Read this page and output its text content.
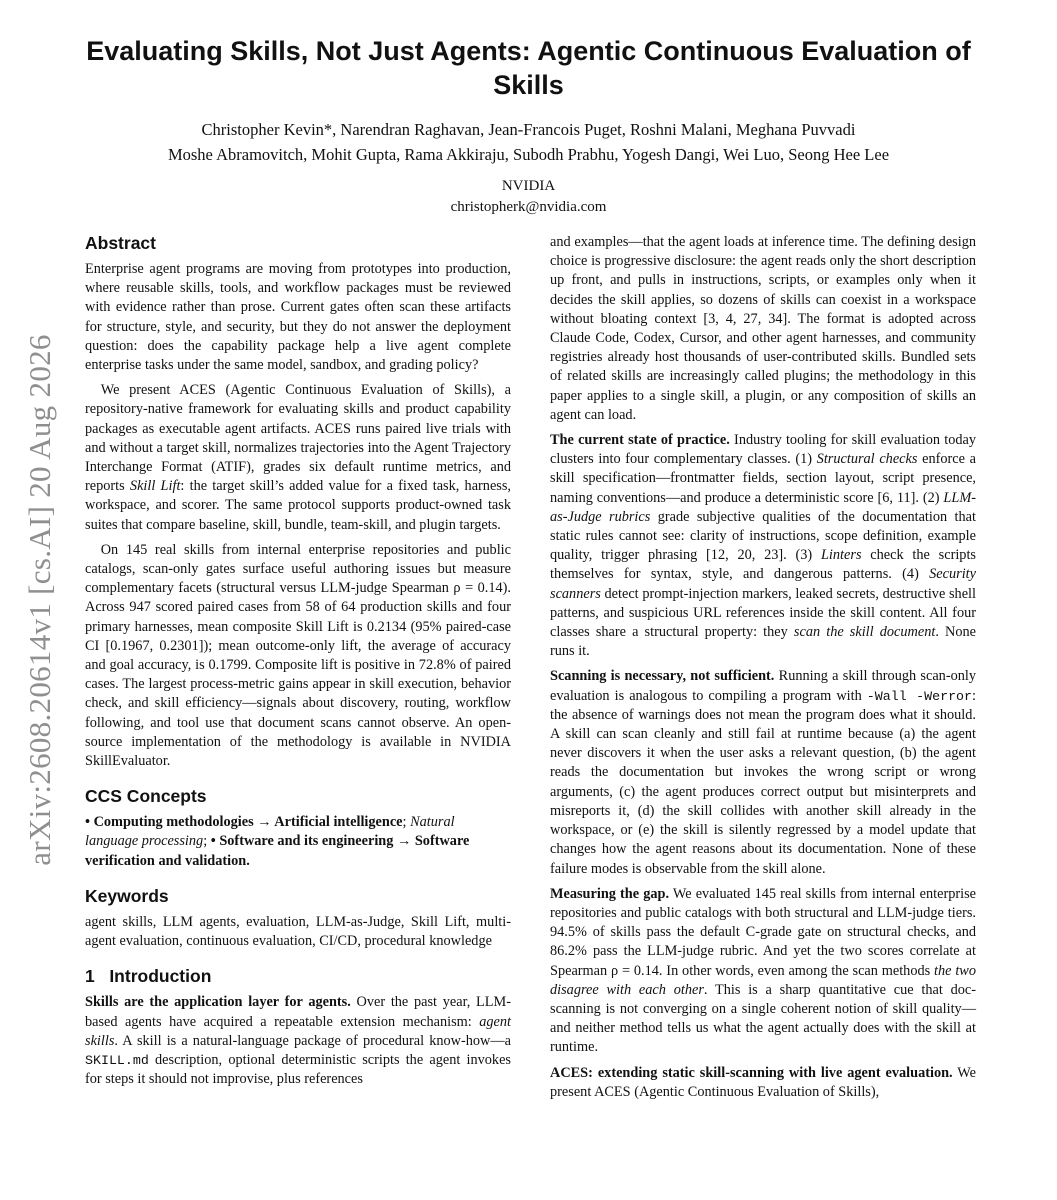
arXiv:2608.20614v1 [cs.AI] 20 Aug 2026
Evaluating Skills, Not Just Agents: Agentic Continuous Evaluation of Skills
Christopher Kevin*, Narendran Raghavan, Jean-Francois Puget, Roshni Malani, Meghana Puvvadi
Moshe Abramovitch, Mohit Gupta, Rama Akkiraju, Subodh Prabhu, Yogesh Dangi, Wei Luo, Seong Hee Lee
NVIDIA
christopherk@nvidia.com
Abstract

Enterprise agent programs are moving from prototypes into production, where reusable skills, tools, and workflow packages must be reviewed with evidence rather than prose. Current gates often scan these artifacts for structure, style, and security, but they do not answer the deployment question: does the capability package help a live agent complete enterprise tasks under the same model, sandbox, and grading policy?

We present ACES (Agentic Continuous Evaluation of Skills), a repository-native framework for evaluating skills and product capability packages as executable agent artifacts. ACES runs paired live trials with and without a target skill, normalizes trajectories into the Agent Trajectory Interchange Format (ATIF), grades six default runtime metrics, and reports Skill Lift: the target skill’s added value for a fixed task, harness, workspace, and scorer. The same protocol supports product-owned task suites that compare baseline, skill, bundle, team-skill, and plugin targets.

On 145 real skills from internal enterprise repositories and public catalogs, scan-only gates surface useful authoring issues but measure complementary facets (structural versus LLM-judge Spearman ρ = 0.14). Across 947 scored paired cases from 58 of 64 production skills and four primary harnesses, mean composite Skill Lift is 0.2134 (95% paired-case CI [0.1967, 0.2301]); mean outcome-only lift, the average of accuracy and goal accuracy, is 0.1799. Composite lift is positive in 72.8% of paired cases. The largest process-metric gains appear in skill execution, behavior check, and skill efficiency—signals about discovery, routing, workflow following, and tool use that document scans cannot observe. An open-source implementation of the methodology is available in NVIDIA SkillEvaluator.

CCS Concepts

• Computing methodologies → Artificial intelligence; Natural language processing; • Software and its engineering → Software verification and validation.

Keywords

agent skills, LLM agents, evaluation, LLM-as-Judge, Skill Lift, multi-agent evaluation, continuous evaluation, CI/CD, procedural knowledge

1   Introduction

Skills are the application layer for agents. Over the past year, LLM-based agents have acquired a repeatable extension mechanism: agent skills. A skill is a natural-language package of procedural know-how—a SKILL.md description, optional deterministic scripts the agent invokes for steps it should not improvise, plus references

and examples—that the agent loads at inference time. The defining design choice is progressive disclosure: the agent reads only the short description up front, and pulls in instructions, scripts, or examples only when it decides the skill applies, so dozens of skills can coexist in a workspace without bloating context [3, 4, 27, 34]. The format is adopted across Claude Code, Codex, Cursor, and other agent harnesses, and community registries already host thousands of user-contributed skills. Bundled sets of related skills are increasingly called plugins; the methodology in this paper applies to a single skill, a plugin, or any composition of skills an agent can load.

The current state of practice. Industry tooling for skill evaluation today clusters into four complementary classes. (1) Structural checks enforce a skill specification—frontmatter fields, section layout, script presence, naming conventions—and produce a deterministic score [6, 11]. (2) LLM-as-Judge rubrics grade subjective qualities of the documentation that static rules cannot see: clarity of instructions, scope definition, example quality, trigger phrasing [12, 20, 23]. (3) Linters check the scripts themselves for syntax, style, and dangerous patterns. (4) Security scanners detect prompt-injection markers, leaked secrets, destructive shell patterns, and suspicious URL references inside the skill content. All four classes share a structural property: they scan the skill document. None runs it.

Scanning is necessary, not sufficient. Running a skill through scan-only evaluation is analogous to compiling a program with -Wall -Werror: the absence of warnings does not mean the program does what it should. A skill can scan cleanly and still fail at runtime because (a) the agent never discovers it when the user asks a relevant question, (b) the agent reads the documentation but invokes the wrong script or wrong arguments, (c) the agent produces correct output but misinterprets and misreports it, (d) the skill collides with another skill already in the workspace, or (e) the skill is silently regressed by a model update that changes how the agent reasons about its documentation. None of these failure modes is observable from the skill alone.

Measuring the gap. We evaluated 145 real skills from internal enterprise repositories and public catalogs with both structural and LLM-judge tiers. 94.5% of skills pass the default C-grade gate on structural checks, and 86.2% pass the LLM-judge rubric. And yet the two scores correlate at Spearman ρ = 0.14. In other words, even among the scan methods the two disagree with each other. This is a sharp quantitative cue that doc-scanning is not converging on a single coherent notion of skill quality—and neither method tells us what the agent actually does with the skill at runtime.

ACES: extending static skill-scanning with live agent evaluation. We present ACES (Agentic Continuous Evaluation of Skills),
